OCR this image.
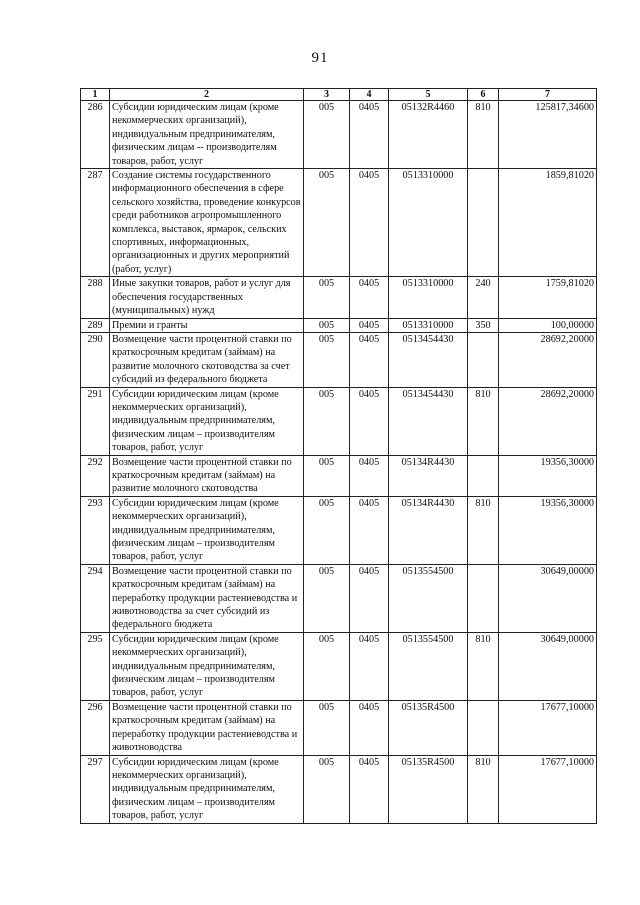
91
1	2	3	4	5	6	7
286	Субсидии юридическим лицам (кроме некоммерческих организаций), индивидуальным предпринимателям, физическим лицам -- производителям товаров, работ, услуг	005	0405	05132R4460	810	125817,34600
287	Создание системы государственного информационного обеспечения в сфере сельского хозяйства, проведение конкурсов среди работников агропромышленного комплекса, выставок, ярмарок, сельских спортивных, информационных, организационных и других мероприятий (работ, услуг)	005	0405	0513310000		1859,81020
288	Иные закупки товаров, работ и услуг для обеспечения государственных (муниципальных) нужд	005	0405	0513310000	240	1759,81020
289	Премии и гранты	005	0405	0513310000	350	100,00000
290	Возмещение части процентной ставки по краткосрочным кредитам (займам) на развитие молочного скотоводства за счет субсидий из федерального бюджета	005	0405	0513454430		28692,20000
291	Субсидии юридическим лицам (кроме некоммерческих организаций), индивидуальным предпринимателям, физическим лицам – производителям товаров, работ, услуг	005	0405	0513454430	810	28692,20000
292	Возмещение части процентной ставки по краткосрочным кредитам (займам) на развитие молочного скотоводства	005	0405	05134R4430		19356,30000
293	Субсидии юридическим лицам (кроме некоммерческих организаций), индивидуальным предпринимателям, физическим лицам – производителям товаров, работ, услуг	005	0405	05134R4430	810	19356,30000
294	Возмещение части процентной ставки по краткосрочным кредитам (займам) на переработку продукции растениеводства и животноводства за счет субсидий из федерального бюджета	005	0405	0513554500		30649,00000
295	Субсидии юридическим лицам (кроме некоммерческих организаций), индивидуальным предпринимателям, физическим лицам – производителям товаров, работ, услуг	005	0405	0513554500	810	30649,00000
296	Возмещение части процентной ставки по краткосрочным кредитам (займам) на переработку продукции растениеводства и животноводства	005	0405	05135R4500		17677,10000
297	Субсидии юридическим лицам (кроме некоммерческих организаций), индивидуальным предпринимателям, физическим лицам – производителям товаров, работ, услуг	005	0405	05135R4500	810	17677,10000
